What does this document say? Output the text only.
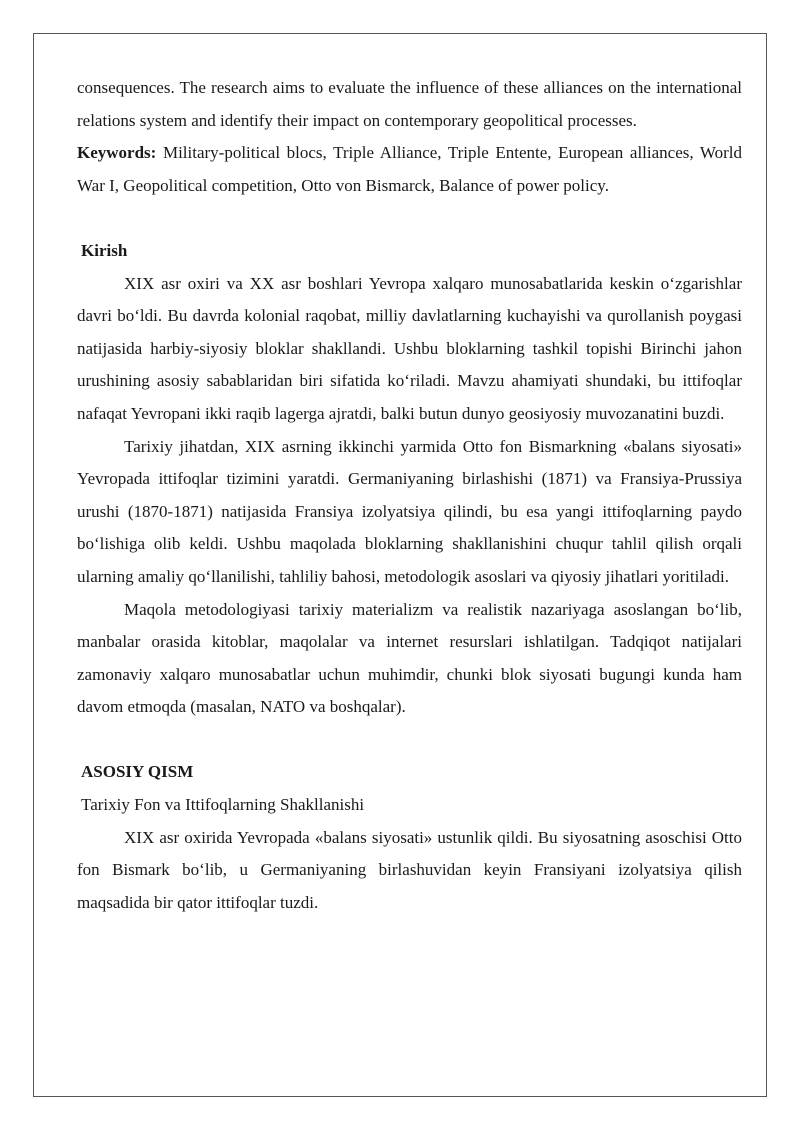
consequences. The research aims to evaluate the influence of these alliances on the international relations system and identify their impact on contemporary geopolitical processes.

Keywords: Military-political blocs, Triple Alliance, Triple Entente, European alliances, World War I, Geopolitical competition, Otto von Bismarck, Balance of power policy.

Kirish

XIX asr oxiri va XX asr boshlari Yevropa xalqaro munosabatlarida keskin oʻzgarishlar davri boʻldi. Bu davrda kolonial raqobat, milliy davlatlarning kuchayishi va qurollanish poygasi natijasida harbiy-siyosiy bloklar shakllandi. Ushbu bloklarning tashkil topishi Birinchi jahon urushining asosiy sabablaridan biri sifatida koʻriladi. Mavzu ahamiyati shundaki, bu ittifoqlar nafaqat Yevropani ikki raqib lagerga ajratdi, balki butun dunyo geosiyosiy muvozanatini buzdi.

Tarixiy jihatdan, XIX asrning ikkinchi yarmida Otto fon Bismarkning «balans siyosati» Yevropada ittifoqlar tizimini yaratdi. Germaniyaning birlashishi (1871) va Fransiya-Prussiya urushi (1870-1871) natijasida Fransiya izolyatsiya qilindi, bu esa yangi ittifoqlarning paydo boʻlishiga olib keldi. Ushbu maqolada bloklarning shakllanishini chuqur tahlil qilish orqali ularning amaliy qoʻllanilishi, tahliliy bahosi, metodologik asoslari va qiyosiy jihatlari yoritiladi.

Maqola metodologiyasi tarixiy materializm va realistik nazariyaga asoslangan boʻlib, manbalar orasida kitoblar, maqolalar va internet resurslari ishlatilgan. Tadqiqot natijalari zamonaviy xalqaro munosabatlar uchun muhimdir, chunki blok siyosati bugungi kunda ham davom etmoqda (masalan, NATO va boshqalar).

ASOSIY QISM
Tarixiy Fon va Ittifoqlarning Shakllanishi

XIX asr oxirida Yevropada «balans siyosati» ustunlik qildi. Bu siyosatning asoschisi Otto fon Bismark boʻlib, u Germaniyaning birlashuvidan keyin Fransiyani izolyatsiya qilish maqsadida bir qator ittifoqlar tuzdi.
